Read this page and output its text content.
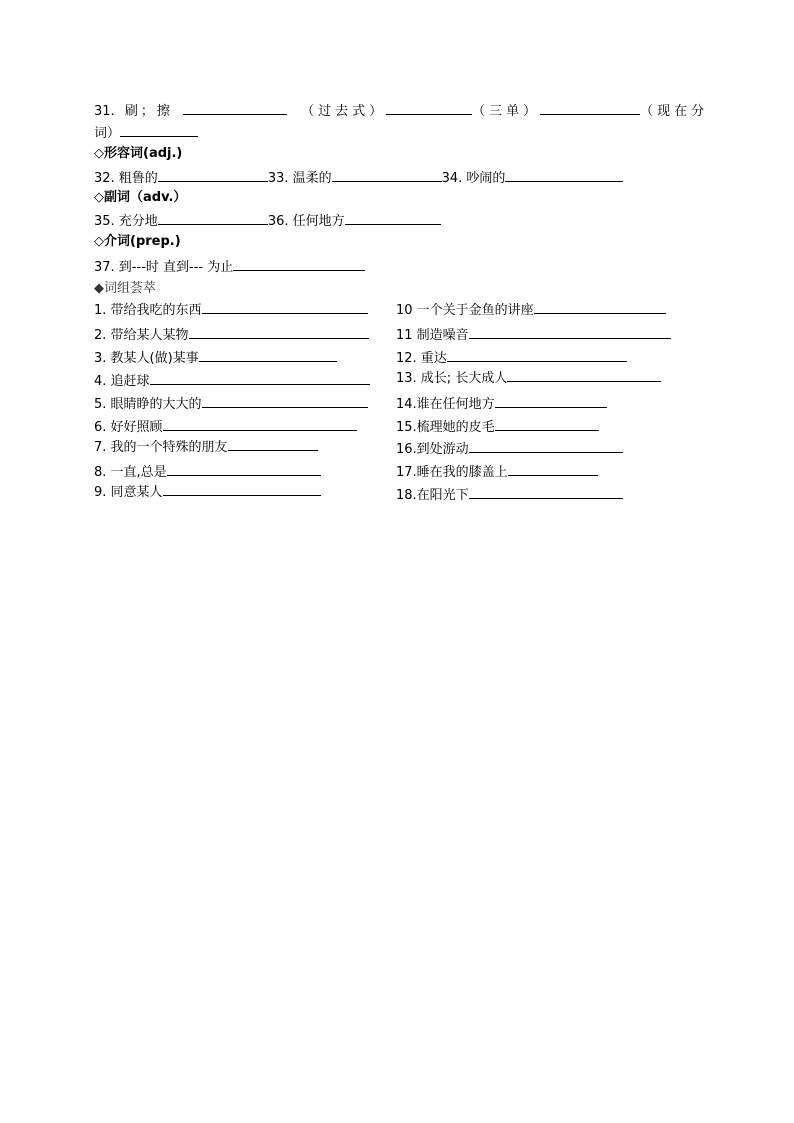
31. 刷；擦	（过去式）	（三单）	（现在分
词）
◇形容词(adj.)
32. 粗鲁的	33. 温柔的	34. 吵闹的
◇副词（adv.）
35. 充分地	36. 任何地方
◇介词(prep.)
37. 到---时 直到--- 为止
◆词组荟萃
1. 带给我吃的东西
2. 带给某人某物
3. 教某人(做)某事
4. 追赶球
5. 眼睛睁的大大的
6. 好好照顾
7. 我的一个特殊的朋友
8. 一直,总是
9. 同意某人
10 一个关于金鱼的讲座
11 制造噪音
12. 重达
13. 成长; 长大成人
14.谁在任何地方
15.梳理她的皮毛
16.到处游动
17.睡在我的膝盖上
18.在阳光下
